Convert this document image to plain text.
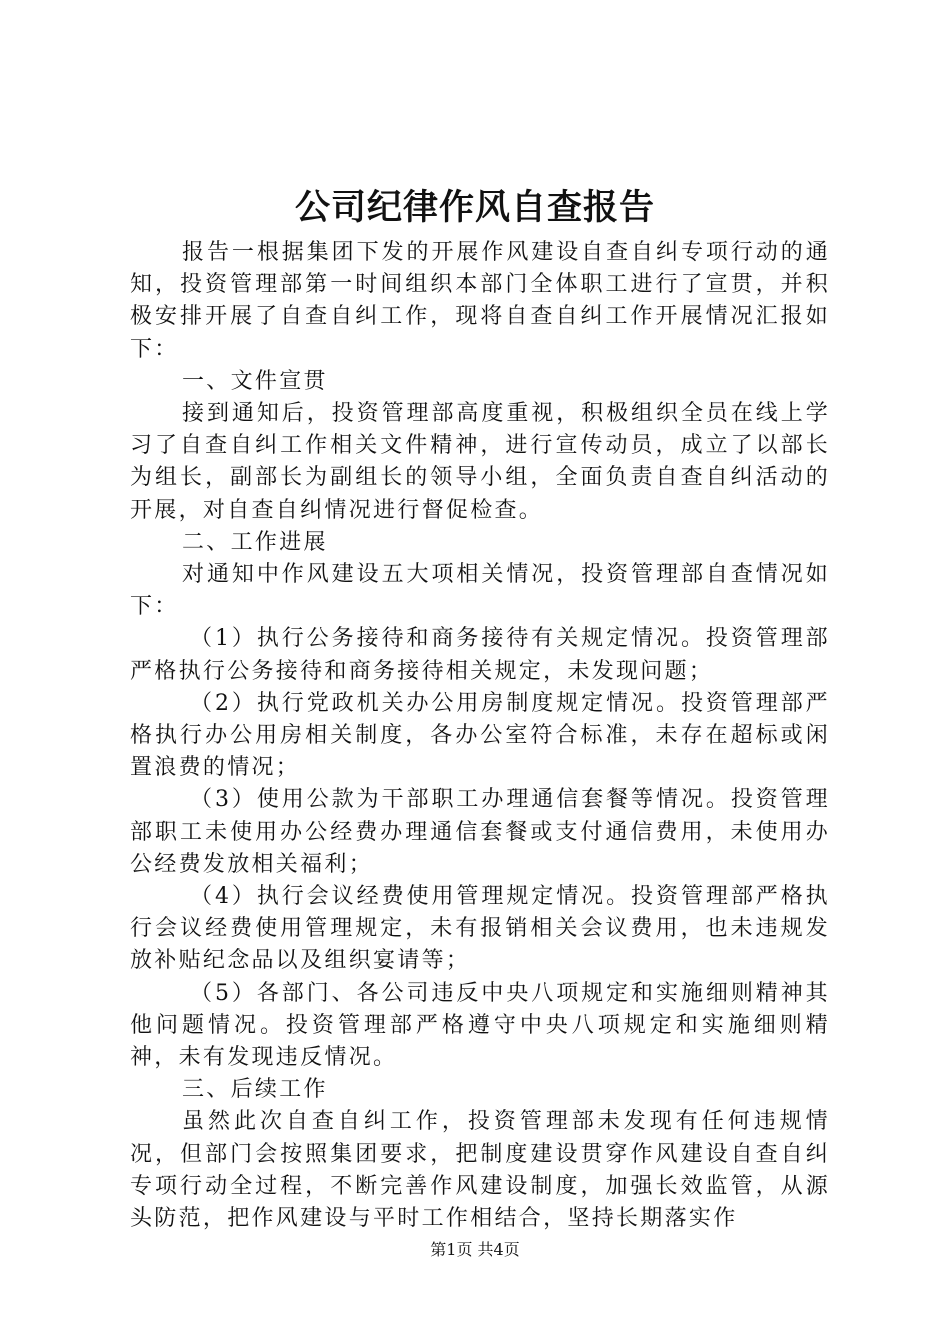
公司纪律作风自查报告

报告一根据集团下发的开展作风建设自查自纠专项行动的通知，投资管理部第一时间组织本部门全体职工进行了宣贯，并积极安排开展了自查自纠工作，现将自查自纠工作开展情况汇报如下：

一、文件宣贯

接到通知后，投资管理部高度重视，积极组织全员在线上学习了自查自纠工作相关文件精神，进行宣传动员，成立了以部长为组长，副部长为副组长的领导小组，全面负责自查自纠活动的开展，对自查自纠情况进行督促检查。

二、工作进展

对通知中作风建设五大项相关情况，投资管理部自查情况如下：

（1）执行公务接待和商务接待有关规定情况。投资管理部严格执行公务接待和商务接待相关规定，未发现问题；

（2）执行党政机关办公用房制度规定情况。投资管理部严格执行办公用房相关制度，各办公室符合标准，未存在超标或闲置浪费的情况；

（3）使用公款为干部职工办理通信套餐等情况。投资管理部职工未使用办公经费办理通信套餐或支付通信费用，未使用办公经费发放相关福利；

（4）执行会议经费使用管理规定情况。投资管理部严格执行会议经费使用管理规定，未有报销相关会议费用，也未违规发放补贴纪念品以及组织宴请等；

（5）各部门、各公司违反中央八项规定和实施细则精神其他问题情况。投资管理部严格遵守中央八项规定和实施细则精神，未有发现违反情况。

三、后续工作

虽然此次自查自纠工作，投资管理部未发现有任何违规情况，但部门会按照集团要求，把制度建设贯穿作风建设自查自纠专项行动全过程，不断完善作风建设制度，加强长效监管，从源头防范，把作风建设与平时工作相结合，坚持长期落实作

第1页 共4页
